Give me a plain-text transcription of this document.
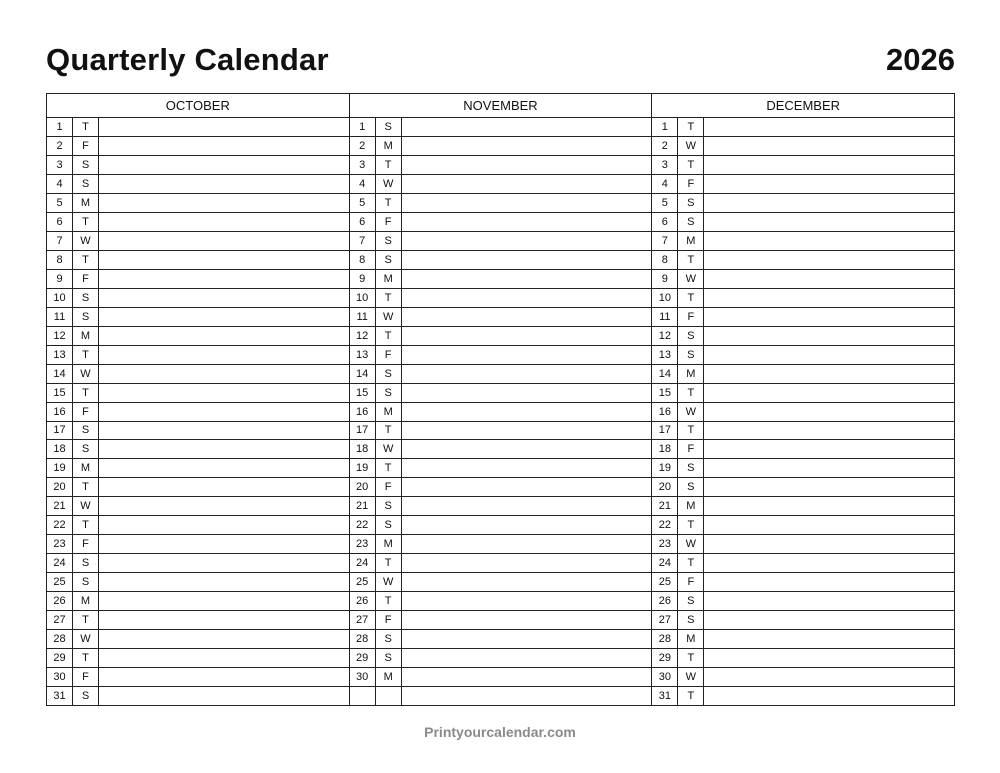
Quarterly Calendar	2026
OCTOBER
1	T
2	F
3	S
4	S
5	M
6	T
7	W
8	T
9	F
10	S
11	S
12	M
13	T
14	W
15	T
16	F
17	S
18	S
19	M
20	T
21	W
22	T
23	F
24	S
25	S
26	M
27	T
28	W
29	T
30	F
31	S
NOVEMBER
1	S
2	M
3	T
4	W
5	T
6	F
7	S
8	S
9	M
10	T
11	W
12	T
13	F
14	S
15	S
16	M
17	T
18	W
19	T
20	F
21	S
22	S
23	M
24	T
25	W
26	T
27	F
28	S
29	S
30	M
DECEMBER
1	T
2	W
3	T
4	F
5	S
6	S
7	M
8	T
9	W
10	T
11	F
12	S
13	S
14	M
15	T
16	W
17	T
18	F
19	S
20	S
21	M
22	T
23	W
24	T
25	F
26	S
27	S
28	M
29	T
30	W
31	T
Printyourcalendar.com
